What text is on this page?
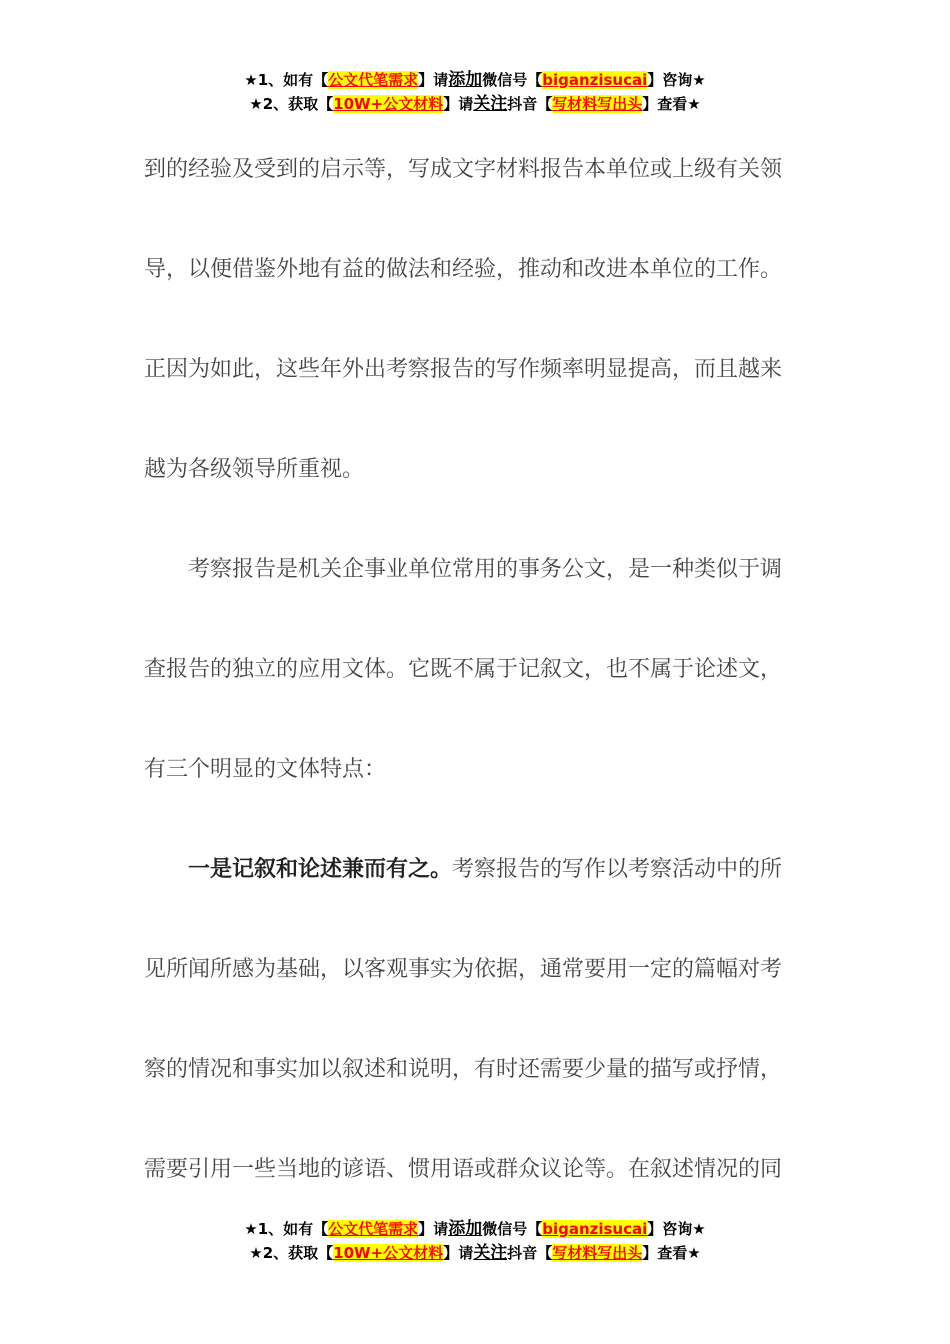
★1、如有【公文代笔需求】请添加微信号【biganzisucai】咨询★
★2、获取【10W+公文材料】请关注抖音【写材料写出头】查看★
到的经验及受到的启示等，写成文字材料报告本单位或上级有关领
导，以便借鉴外地有益的做法和经验，推动和改进本单位的工作。
正因为如此，这些年外出考察报告的写作频率明显提高，而且越来
越为各级领导所重视。
考察报告是机关企事业单位常用的事务公文，是一种类似于调
查报告的独立的应用文体。它既不属于记叙文，也不属于论述文，
有三个明显的文体特点：
一是记叙和论述兼而有之。考察报告的写作以考察活动中的所
见所闻所感为基础，以客观事实为依据，通常要用一定的篇幅对考
察的情况和事实加以叙述和说明，有时还需要少量的描写或抒情，
需要引用一些当地的谚语、惯用语或群众议论等。在叙述情况的同
★1、如有【公文代笔需求】请添加微信号【biganzisucai】咨询★
★2、获取【10W+公文材料】请关注抖音【写材料写出头】查看★
